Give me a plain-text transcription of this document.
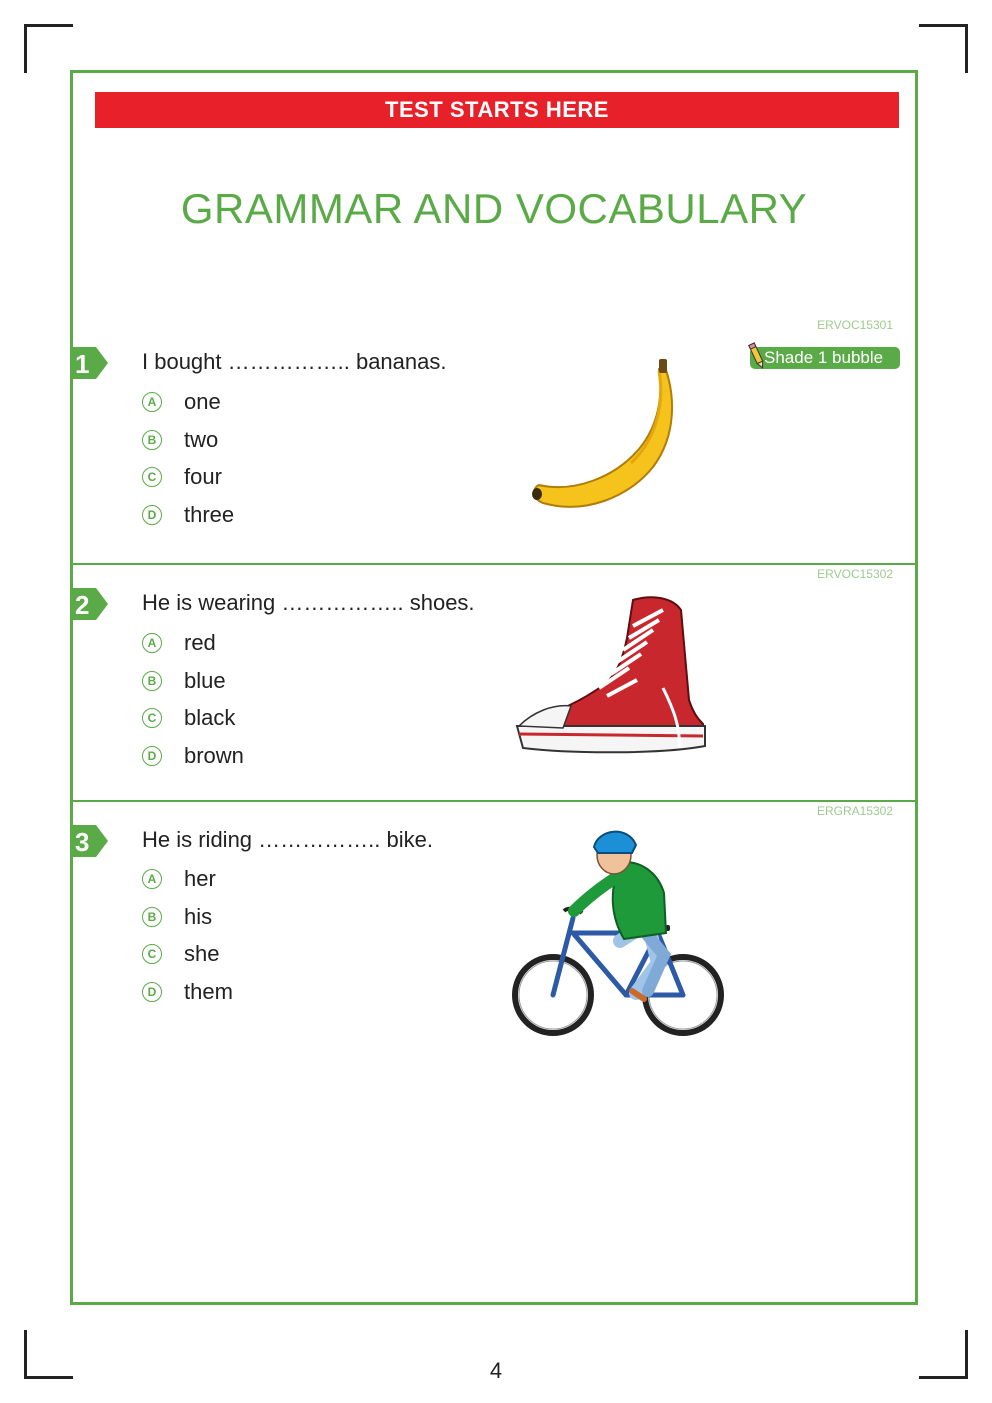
TEST STARTS HERE
GRAMMAR AND VOCABULARY
ERVOC15301
Shade 1 bubble
1 I bought …………….. bananas.
A one
B two
C four
D three
ERVOC15302
2 He is wearing …………….. shoes.
A red
B blue
C black
D brown
ERGRA15302
3 He is riding …………….. bike.
A her
B his
C she
D them
4
